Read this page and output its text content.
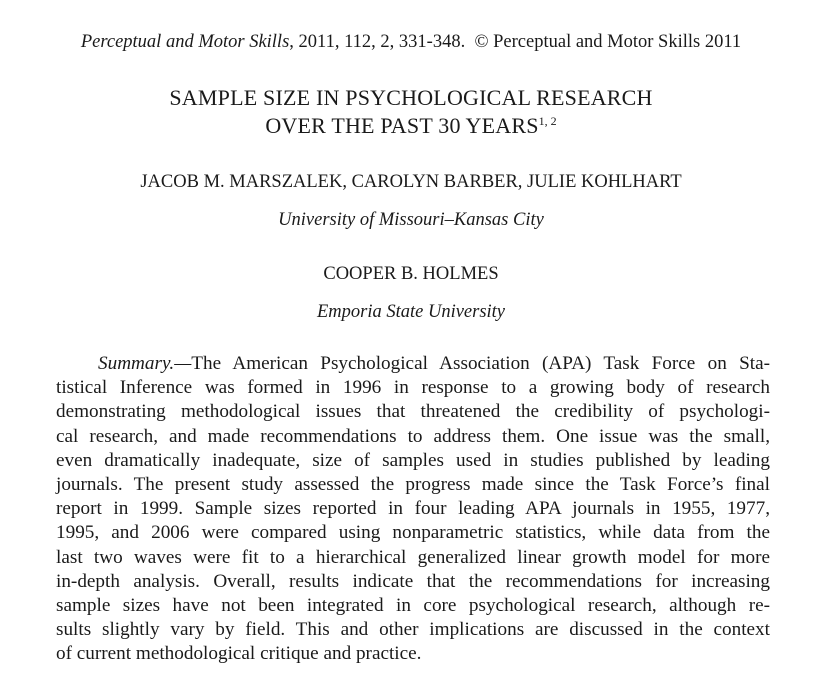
Perceptual and Motor Skills, 2011, 112, 2, 331-348. © Perceptual and Motor Skills 2011
SAMPLE SIZE IN PSYCHOLOGICAL RESEARCH
OVER THE PAST 30 YEARS$^{1, 2}$
JACOB M. MARSZALEK, CAROLYN BARBER, JULIE KOHLHART
University of Missouri–Kansas City
COOPER B. HOLMES
Emporia State University
Summary.—The American Psychological Association (APA) Task Force on Sta-
tistical Inference was formed in 1996 in response to a growing body of research
demonstrating methodological issues that threatened the credibility of psychologi-
cal research, and made recommendations to address them. One issue was the small,
even dramatically inadequate, size of samples used in studies published by leading
journals. The present study assessed the progress made since the Task Force’s final
report in 1999. Sample sizes reported in four leading APA journals in 1955, 1977,
1995, and 2006 were compared using nonparametric statistics, while data from the
last two waves were fit to a hierarchical generalized linear growth model for more
in-depth analysis. Overall, results indicate that the recommendations for increasing
sample sizes have not been integrated in core psychological research, although re-
sults slightly vary by field. This and other implications are discussed in the context
of current methodological critique and practice.
